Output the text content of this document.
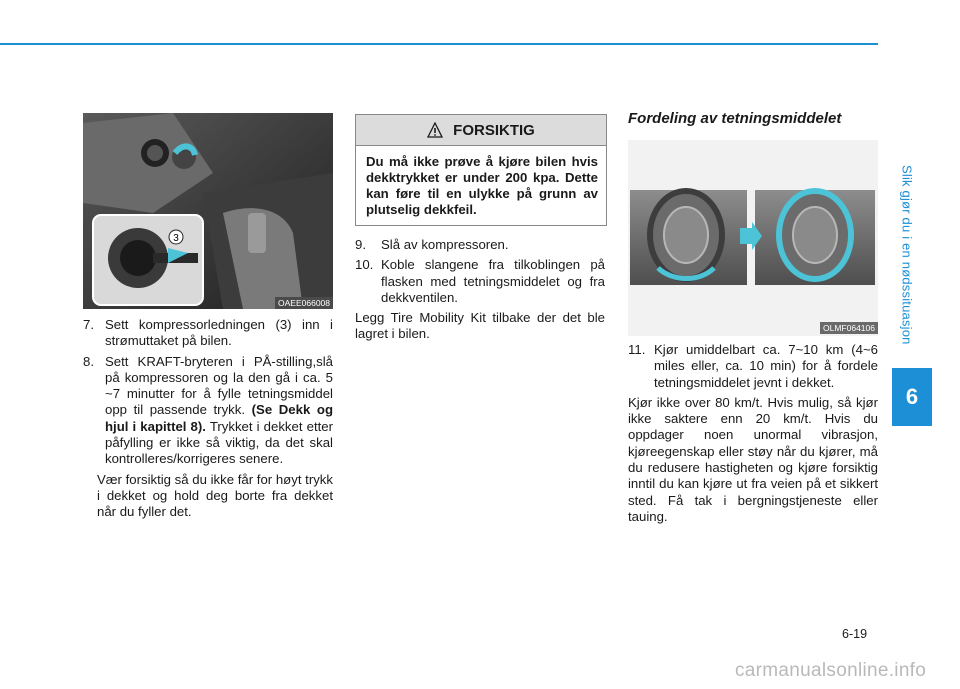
Slik gjør du i en nødssituasjon
6
3
OAEE066008
7. Sett kompressorledningen (3) inn i strømuttaket på bilen.
8. Sett KRAFT-bryteren i PÅ-stilling,slå på kompressoren og la den gå i ca. 5 ~7 minutter for å fylle tetningsmiddel opp til passende trykk. (Se Dekk og hjul i kapittel 8). Trykket i dekket etter påfylling er ikke så viktig, da det skal kontrolleres/korrigeres senere.

Vær forsiktig så du ikke får for høyt trykk i dekket og hold deg borte fra dekket når du fyller det.

FORSIKTIG
Du må ikke prøve å kjøre bilen hvis dekktrykket er under 200 kpa. Dette kan føre til en ulykke på grunn av plutselig dekkfeil.
9.	Slå av kompressoren.
10. Koble slangene fra tilkoblingen på flasken med tetningsmiddelet og fra dekkventilen.

Legg Tire Mobility Kit tilbake der det ble lagret i bilen.

Fordeling av tetningsmiddelet
OLMF064106
11. Kjør umiddelbart ca. 7~10 km (4~6 miles eller, ca. 10 min) for å fordele tetningsmiddelet jevnt i dekket.

Kjør ikke over 80 km/t. Hvis mulig, så kjør ikke saktere enn 20 km/t. Hvis du oppdager noen unormal vibrasjon, kjøreegenskap eller støy når du kjører, må du redusere hastigheten og kjøre forsiktig inntil du kan kjøre ut fra veien på et sikkert sted. Få tak i bergningstjeneste eller tauing.

6-19
carmanualsonline.info
